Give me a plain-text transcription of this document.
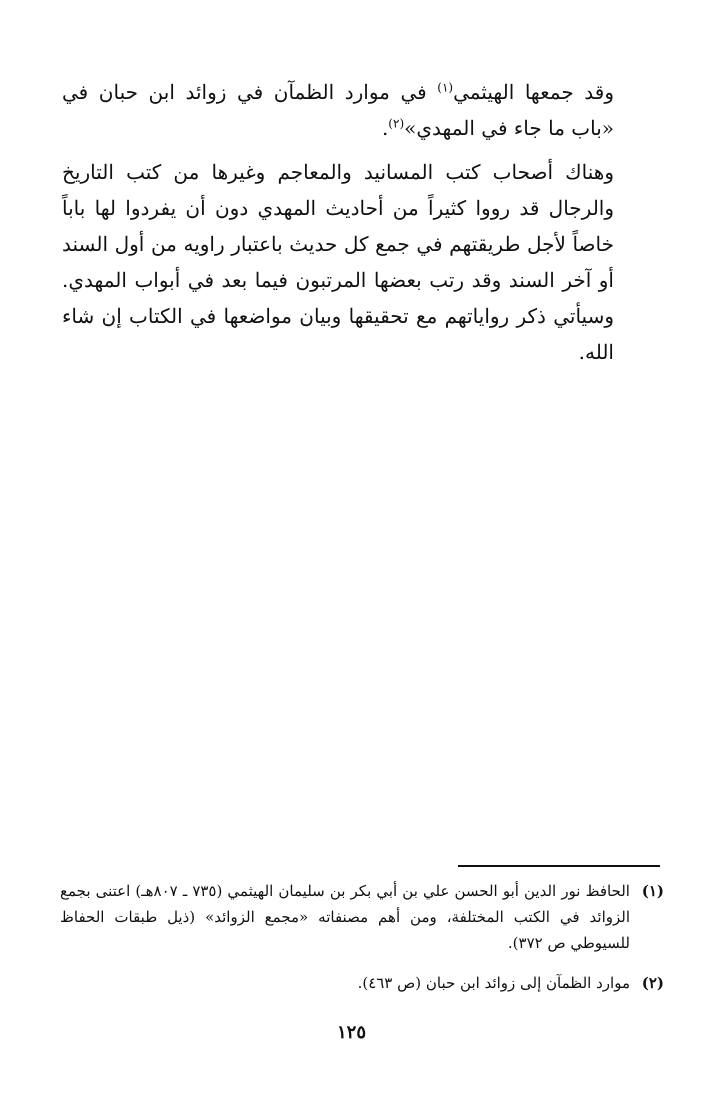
وقد جمعها الهيثمي$^{(١)}$ في موارد الظمآن في زوائد ابن حبان في «باب ما جاء في المهدي»$^{(٢)}$.

وهناك أصحاب كتب المسانيد والمعاجم وغيرها من كتب التاريخ والرجال قد رووا كثيراً من أحاديث المهدي دون أن يفردوا لها باباً خاصاً لأجل طريقتهم في جمع كل حديث باعتبار راويه من أول السند أو آخر السند وقد رتب بعضها المرتبون فيما بعد في أبواب المهدي. وسيأتي ذكر رواياتهم مع تحقيقها وبيان مواضعها في الكتاب إن شاء الله.

(١)
الحافظ نور الدين أبو الحسن علي بن أبي بكر بن سليمان الهيثمي (٧٣٥ ـ ٨٠٧هـ) اعتنى بجمع الزوائد في الكتب المختلفة، ومن أهم مصنفاته «مجمع الزوائد» (ذيل طبقات الحفاظ للسيوطي ص ٣٧٢).
(٢)
موارد الظمآن إلى زوائد ابن حبان (ص ٤٦٣).
١٢٥
